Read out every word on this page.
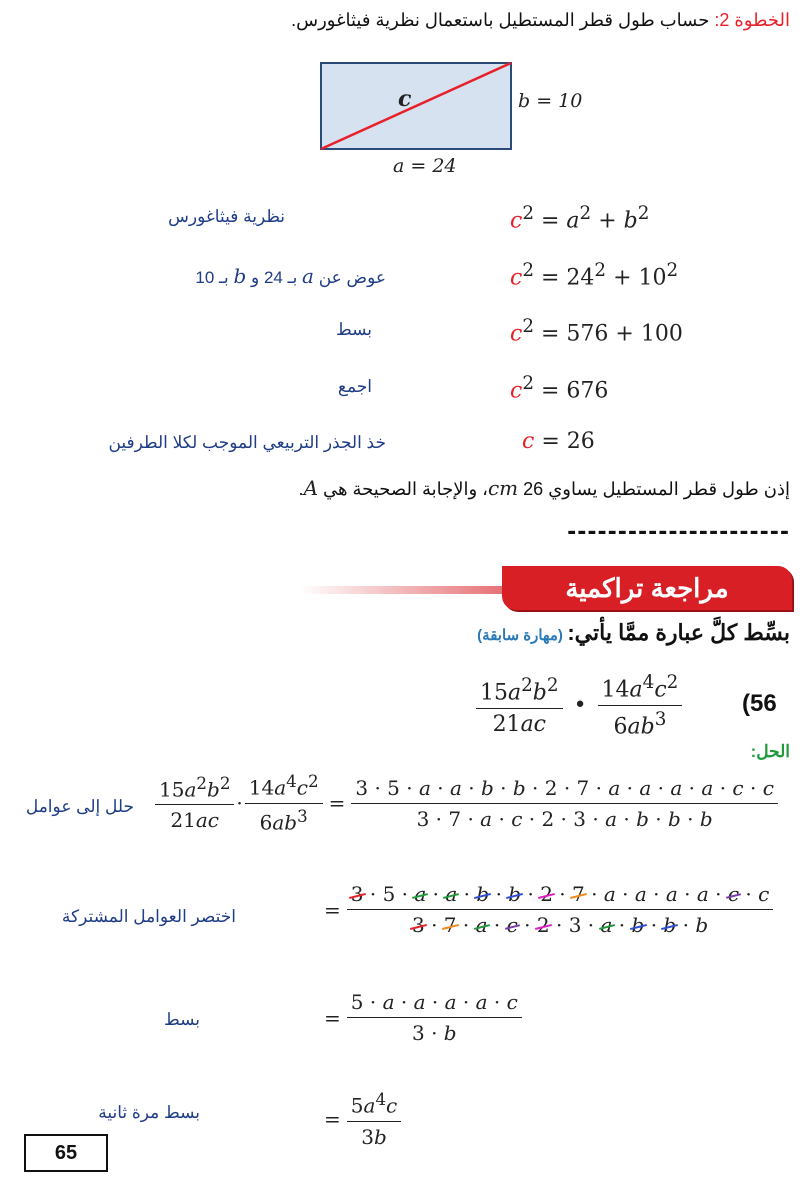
الخطوة 2: حساب طول قطر المستطيل باستعمال نظرية فيثاغورس.
c	b = 10
a = 24
نظرية فيثاغورس	$c^2 = a^2 + b^2$
عوض عن a بـ 24 و b بـ 10	$c^2 = 24^2 + 10^2$
بسط	$c^2 = 576 + 100$
اجمع	$c^2 = 676$
خذ الجذر التربيعي الموجب لكلا الطرفين	c = 26
إذن طول قطر المستطيل يساوي 26 cm، والإجابة الصحيحة هي A.
----------------------
مراجعة تراكمية
بسِّط كلَّ عبارة ممَّا يأتي: (مهارة سابقة)
$\frac{15a^2b^2}{21ac}$ • $\frac{14a^4c^2}{6ab^3} (56$
الحل:
حلل إلى عوامل $\frac{15a^2b^2}{21ac} \cdot \frac{14a^4c^2}{6ab^3} = \frac{3 \cdot 5 \cdot a \cdot a \cdot b \cdot b \cdot 2 \cdot 7 \cdot a \cdot a \cdot a \cdot a \cdot c \cdot c}{3 \cdot 7 \cdot a \cdot c \cdot 2 \cdot 3 \cdot a \cdot b \cdot b \cdot b}$
اختصر العوامل المشتركة	= $\frac{3 \cdot 5 \cdot a \cdot a \cdot b \cdot b \cdot 2 \cdot 7 \cdot a \cdot a \cdot a \cdot a \cdot c \cdot c}{3 \cdot 7 \cdot a \cdot c \cdot 2 \cdot 3 \cdot a \cdot b \cdot b \cdot b}$
بسط	= $\frac{5 \cdot a \cdot a \cdot a \cdot a \cdot c}{3 \cdot b}$
بسط مرة ثانية	= $\frac{5a^4c}{3b}$
65
